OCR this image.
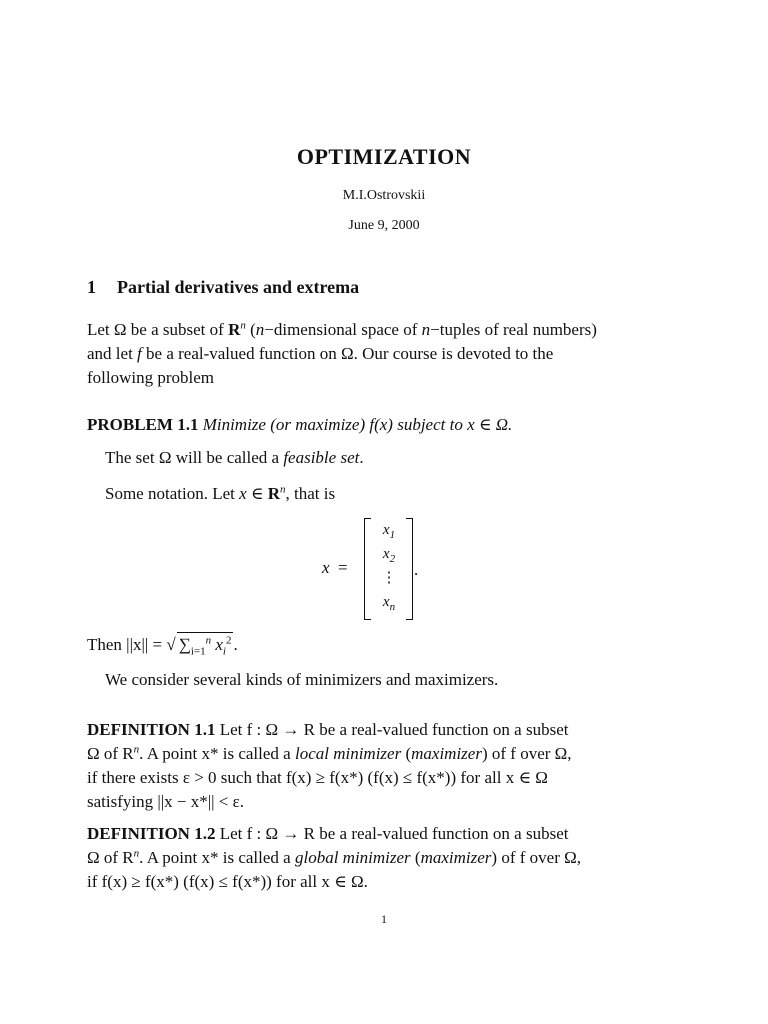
OPTIMIZATION
M.I.Ostrovskii
June 9, 2000
1 Partial derivatives and extrema
Let Ω be a subset of $R^n$ (n−dimensional space of n−tuples of real numbers)
and let f be a real-valued function on Ω. Our course is devoted to the
following problem
PROBLEM 1.1 Minimize (or maximize) f(x) subject to x ∈ Ω.
The set Ω will be called a feasible set.
Some notation. Let x ∈ $R^n$, that is
x =
$x_1$
$x_2$
⋮
$x_n$
.
Then ||x|| = √ $\sum_{i=1}^n$ $x_i^2$ .
We consider several kinds of minimizers and maximizers.
DEFINITION 1.1 Let f : Ω → R be a real-valued function on a subset
Ω of $R^n$. A point x* is called a local minimizer (maximizer) of f over Ω,
if there exists ε > 0 such that f(x) ≥ f(x*) (f(x) ≤ f(x*)) for all x ∈ Ω
satisfying ||x − x*|| < ε.
DEFINITION 1.2 Let f : Ω → R be a real-valued function on a subset
Ω of $R^n$. A point x* is called a global minimizer (maximizer) of f over Ω,
if f(x) ≥ f(x*) (f(x) ≤ f(x*)) for all x ∈ Ω.
1
